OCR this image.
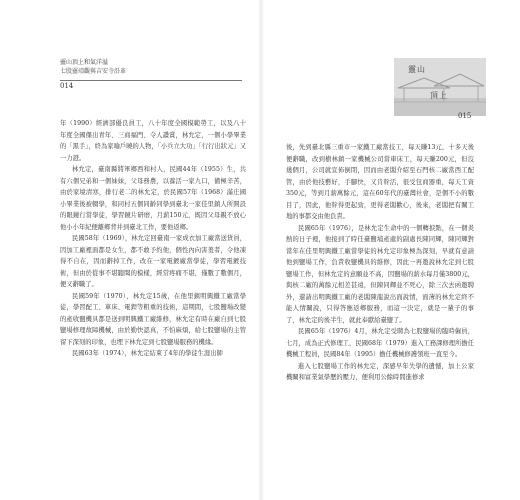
靈山頂上和氣洋溢
七股靈靖觀與吉安寺沿革
014

年（1990）經濟部優良員工，八十年度全國模範勞工，以及八十年度全國傑出青年、三商福門、令人讚賞，林允定，一個小學畢業的「黑手」，終為家喻戶曉的人物，「小兵立大功」「行行出狀元」又一力證。

林允定，臺南縣將軍鄉西和村人，民國44年（1955）生，共有六個兄弟和一個妹妹，父母務農，以養活一家九口，備極辛苦，由於家境清寒，排行老二的林允定，於民國57年（1968）滿庄國小畢業後被輟學，和同村五個同齡同學到臺北一家佳里鎮人所開設的眼鏡行當學徒，學習鏡片研磨，月薪150元，既因父母親不放心他小小年紀便離鄉背井到臺北工作，要他返鄉。

民國58年（1969），林允定回臺南一家成衣加工廠當送貨員，因加工廠裡面都是女生，都不敢予約他，個性內向害羞者，令他凍得不自在，因而辭掉工作，改在一家電鍍廠當學徒，學習電鍍技術，但由於從事不堪聽聞的模樣，經常疼痛不堪，僅數了數個月，便又辭職了。

民國59年（1970），林允定15歲，在他里鎮明興鐵工廠當學徒，學習配工、車床、電銲等粗重的技術，這期間，七股鹽場改變的產收鹽機具都是送到明興鐵工廠維修，林允定有時在廠自到七股鹽場修理故障機械，由於勤快認真，不怕麻煩，給七股鹽場的主管留下深刻的印象，也埋下林允定到七股鹽場服務的機緣。

民國63年（1974），林允定結束了4年的學徒生涯出師

靈山
頂上
015

後，先到臺北縣三重市一家鐵工廠當技工，每天賺13元，十多天後便辭職，改到樹林鎮一家機械公司當車床工，每天賺200元，但沒幾個月，公司就宣佈倒閉，因而由老闆介紹至石門核二廠當西工配管，由於他技藝好，手腳快，又肯幹活，很受包商器重，每天工資350元，等到月薪萬餘元，這在60年代的臺灣社會，是個不小的數目了，因此，他幹得更起勁，更得老闆歡心，後來，老闆把有關工地的事都交由他負責。

民國65年（1976），是林允定生命中的一個轉捩點，在一個炎熱的日子裡，他接到了時任臺鹽埔產處的副處長陳同輝，陳同輝對當年在佳里明興鐵工廠當學徒的林允定印象極為深刻，早就有意請他到鹽場工作，負責收鹽機具的維修，因此一再邀說林允定到七股鹽場工作，但林允定的意願並不高，因鹽場的薪水每月僅3800元，與核二廠的萬餘元相差甚遠，但陳同輝並不死心，除三次去函邀聘外，還請出明興鐵工廠的老闆陳龍說出面說情，面薄的林允定終不能人情關說，只得答應返鄉服務，而這一決定，就是一輩子的事了，林允定的後半生，就此奉獻給臺鹽了。

民國65年（1976）4月，林允定受聘為七股鹽場的臨時僱員，七月，成為正式修理工，民國68年（1979）進入工務課修理所擔任機械工程員，民國84年（1995）擔任機械修護領班一直至今。

進入七股鹽場工作的林允定，深感早年失學的遺憾，加上公家機關和富業氣學歷的壓力，便利用公餘時間進修求
